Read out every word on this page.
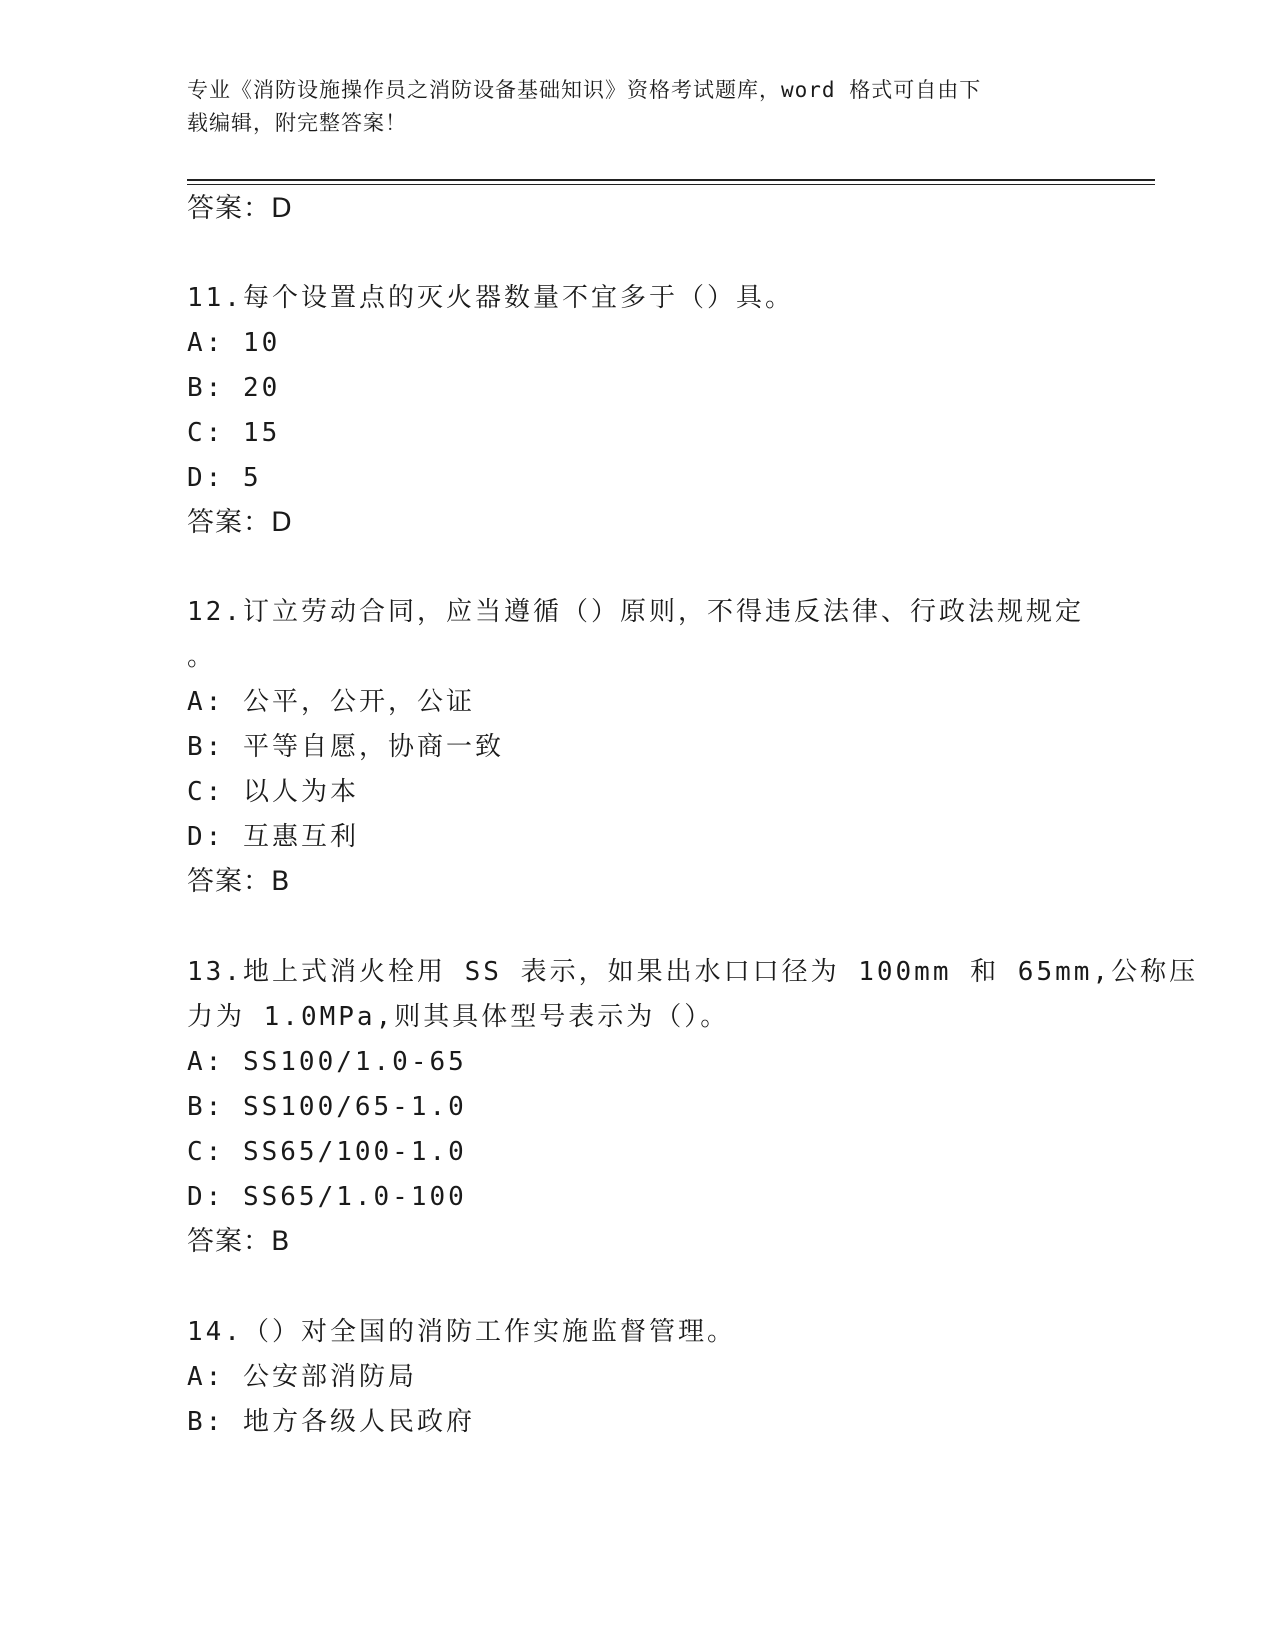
专业《消防设施操作员之消防设备基础知识》资格考试题库，word 格式可自由下
载编辑，附完整答案！
答案：D
11.每个设置点的灭火器数量不宜多于（）具。
A: 10
B: 20
C: 15
D: 5
答案：D
12.订立劳动合同，应当遵循（）原则，不得违反法律、行政法规规定
。
A: 公平，公开，公证
B: 平等自愿，协商一致
C: 以人为本
D: 互惠互利
答案：B
13.地上式消火栓用 SS 表示，如果出水口口径为 100mm 和 65mm,公称压
力为 1.0MPa,则其具体型号表示为（）。
A: SS100/1.0-65
B: SS100/65-1.0
C: SS65/100-1.0
D: SS65/1.0-100
答案：B
14.（）对全国的消防工作实施监督管理。
A: 公安部消防局
B: 地方各级人民政府
